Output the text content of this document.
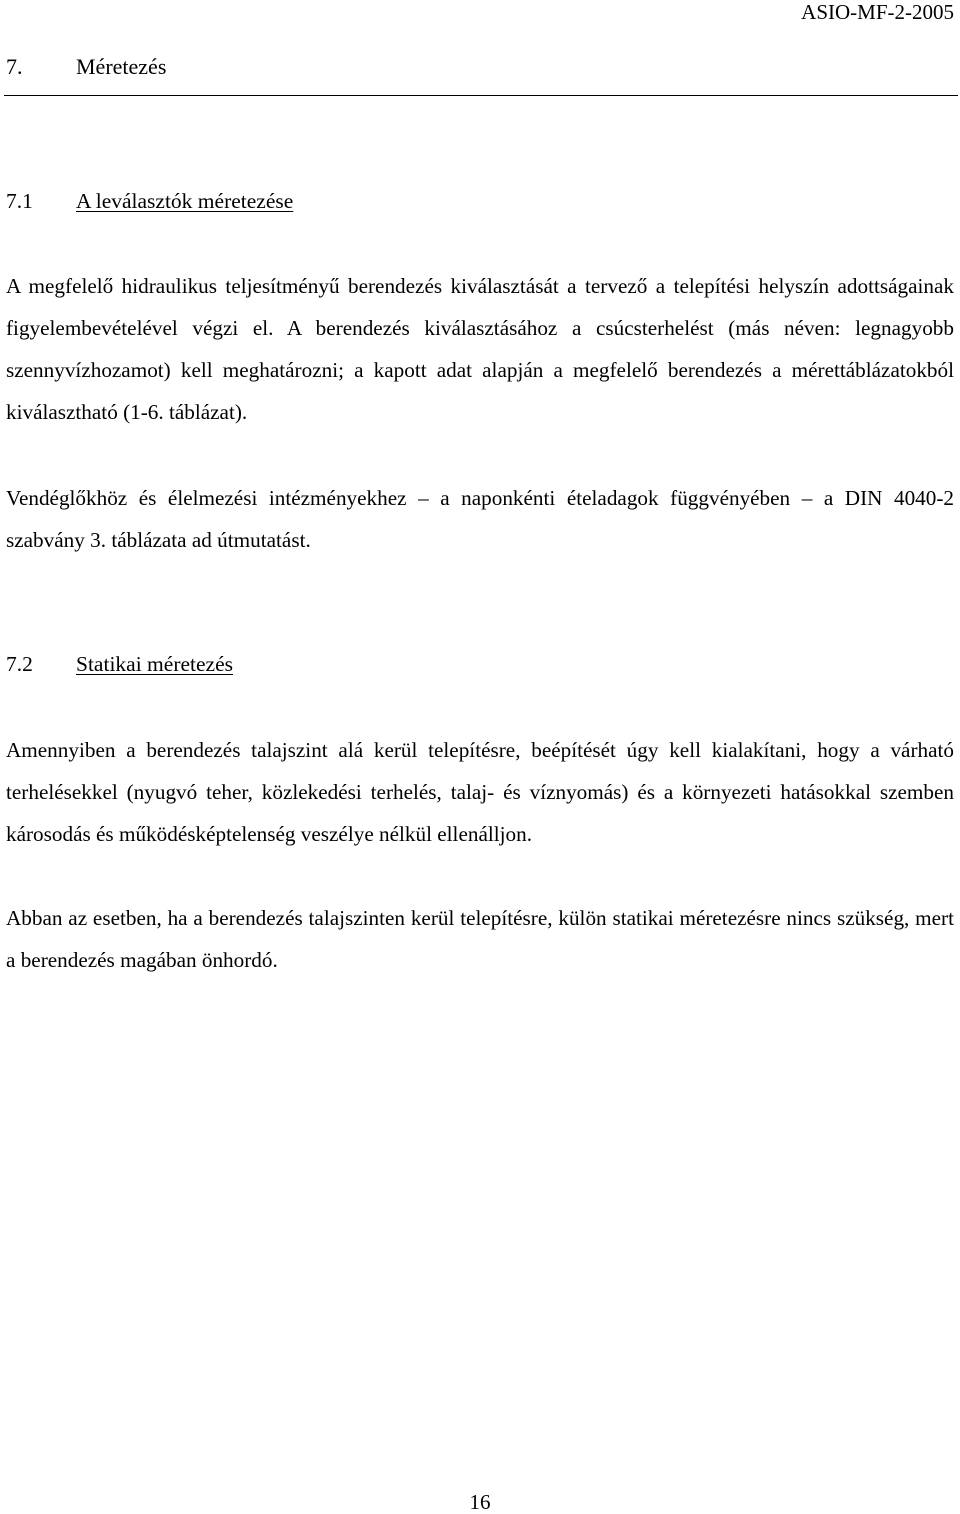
ASIO-MF-2-2005
7. Méretezés
7.1 A leválasztók méretezése

A megfelelő hidraulikus teljesítményű berendezés kiválasztását a tervező a telepítési helyszín adottságainak figyelembevételével végzi el. A berendezés kiválasztásához a csúcsterhelést (más néven: legnagyobb szennyvízhozamot) kell meghatározni; a kapott adat alapján a megfelelő berendezés a mérettáblázatokból kiválasztható (1-6. táblázat).

Vendéglőkhöz és élelmezési intézményekhez – a naponkénti ételadagok függvényében – a DIN 4040-2 szabvány 3. táblázata ad útmutatást.

7.2 Statikai méretezés

Amennyiben a berendezés talajszint alá kerül telepítésre, beépítését úgy kell kialakítani, hogy a várható terhelésekkel (nyugvó teher, közlekedési terhelés, talaj- és víznyomás) és a környezeti hatásokkal szemben károsodás és működésképtelenség veszélye nélkül ellenálljon.

Abban az esetben, ha a berendezés talajszinten kerül telepítésre, külön statikai méretezésre nincs szükség, mert a berendezés magában önhordó.

16
